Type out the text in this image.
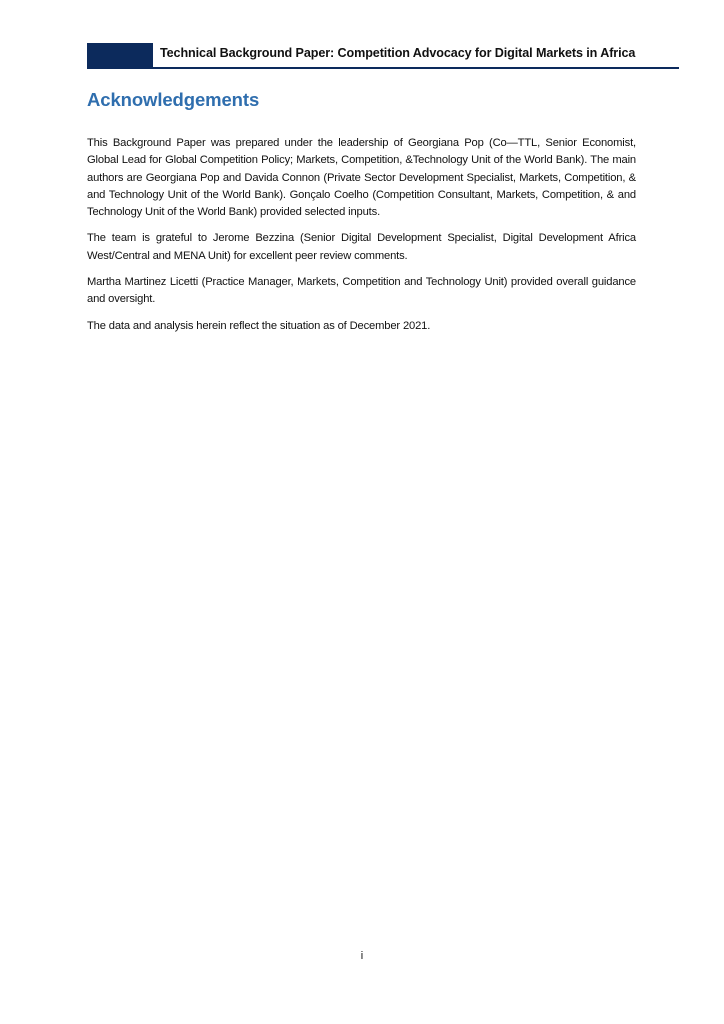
Technical Background Paper: Competition Advocacy for Digital Markets in Africa
Acknowledgements

This Background Paper was prepared under the leadership of Georgiana Pop (Co—TTL, Senior Economist, Global Lead for Global Competition Policy; Markets, Competition, &Technology Unit of the World Bank). The main authors are Georgiana Pop and Davida Connon (Private Sector Development Specialist, Markets, Competition, & and Technology Unit of the World Bank). Gonçalo Coelho (Competition Consultant, Markets, Competition, & and Technology Unit of the World Bank) provided selected inputs.

The team is grateful to Jerome Bezzina (Senior Digital Development Specialist, Digital Development Africa West/Central and MENA Unit) for excellent peer review comments.

Martha Martinez Licetti (Practice Manager, Markets, Competition and Technology Unit) provided overall guidance and oversight.

The data and analysis herein reflect the situation as of December 2021.

i
